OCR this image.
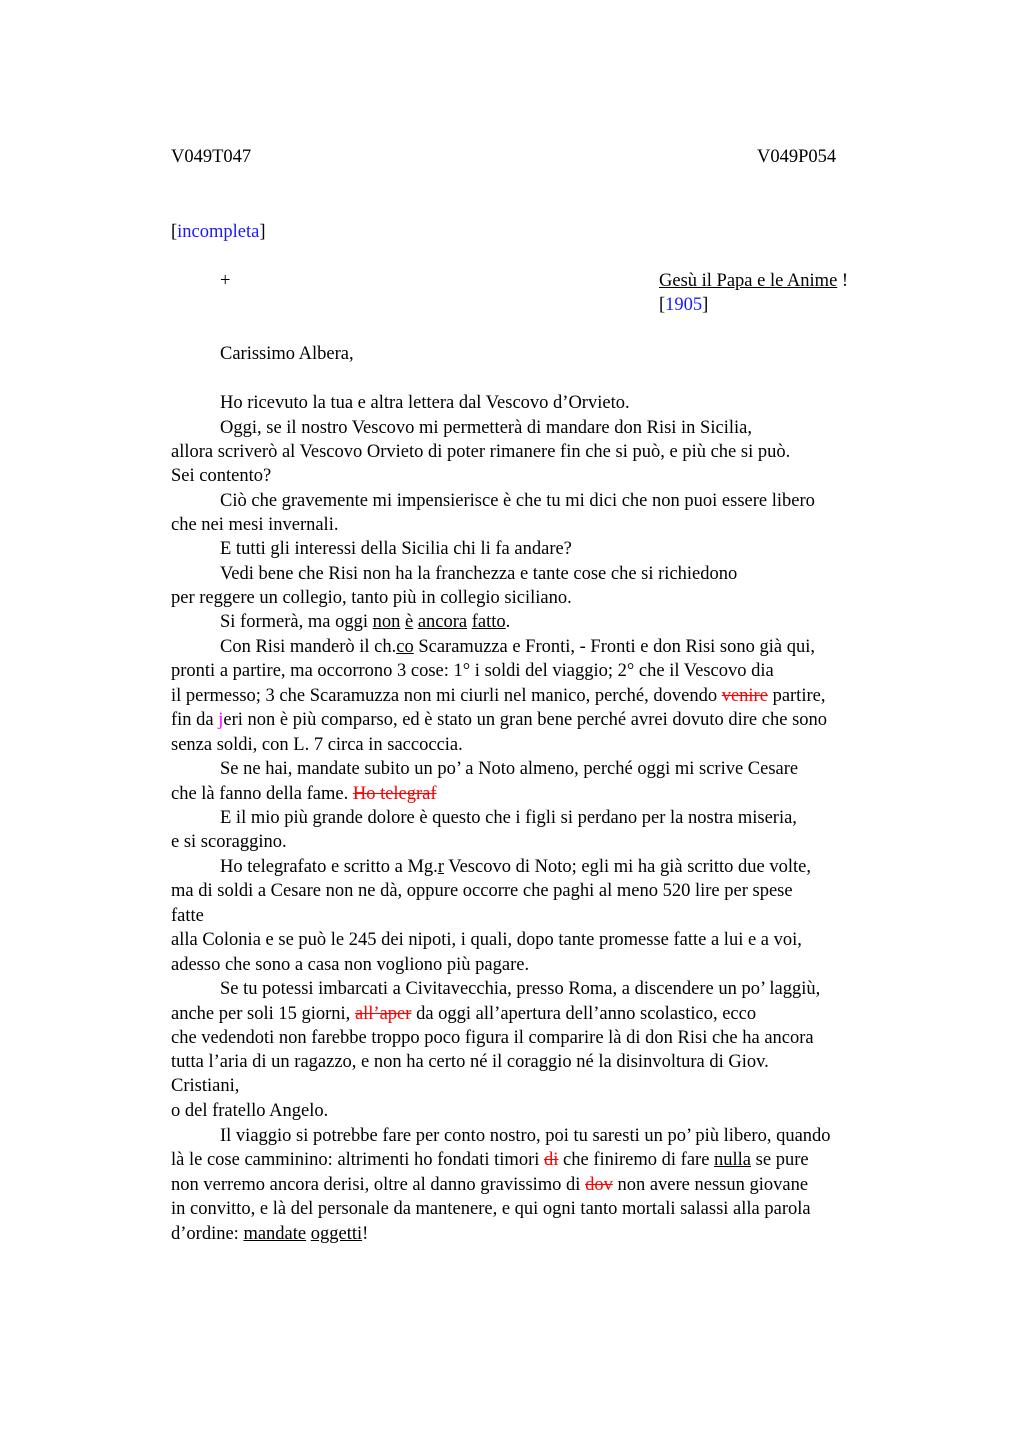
V049T047	V049P054
[incompleta]
+	Gesù il Papa e le Anime !
[1905]
Carissimo Albera,
Ho ricevuto la tua e altra lettera dal Vescovo d’Orvieto.
Oggi, se il nostro Vescovo mi permetterà di mandare don Risi in Sicilia,
allora scriverò al Vescovo Orvieto di poter rimanere fin che si può, e più che si può.
Sei contento?
Ciò che gravemente mi impensierisce è che tu mi dici che non puoi essere libero
che nei mesi invernali.
E tutti gli interessi della Sicilia chi li fa andare?
Vedi bene che Risi non ha la franchezza e tante cose che si richiedono
per reggere un collegio, tanto più in collegio siciliano.
Si formerà, ma oggi non è ancora fatto.
Con Risi manderò il ch.co Scaramuzza e Fronti, - Fronti e don Risi sono già qui,
pronti a partire, ma occorrono 3 cose: 1° i soldi del viaggio; 2° che il Vescovo dia
il permesso; 3 che Scaramuzza non mi ciurli nel manico, perché, dovendo venire partire,
fin da jeri non è più comparso, ed è stato un gran bene perché avrei dovuto dire che sono
senza soldi, con L. 7 circa in saccoccia.
Se ne hai, mandate subito un po’ a Noto almeno, perché oggi mi scrive Cesare
che là fanno della fame. Ho telegraf
E il mio più grande dolore è questo che i figli si perdano per la nostra miseria,
e si scoraggino.
Ho telegrafato e scritto a Mg.r Vescovo di Noto; egli mi ha già scritto due volte,
ma di soldi a Cesare non ne dà, oppure occorre che paghi al meno 520 lire per spese
fatte
alla Colonia e se può le 245 dei nipoti, i quali, dopo tante promesse fatte a lui e a voi,
adesso che sono a casa non vogliono più pagare.
Se tu potessi imbarcati a Civitavecchia, presso Roma, a discendere un po’ laggiù,
anche per soli 15 giorni, all’aper da oggi all’apertura dell’anno scolastico, ecco
che vedendoti non farebbe troppo poco figura il comparire là di don Risi che ha ancora
tutta l’aria di un ragazzo, e non ha certo né il coraggio né la disinvoltura di Giov.
Cristiani,
o del fratello Angelo.
Il viaggio si potrebbe fare per conto nostro, poi tu saresti un po’ più libero, quando
là le cose camminino: altrimenti ho fondati timori di che finiremo di fare nulla se pure
non verremo ancora derisi, oltre al danno gravissimo di dov non avere nessun giovane
in convitto, e là del personale da mantenere, e qui ogni tanto mortali salassi alla parola
d’ordine: mandate oggetti!
